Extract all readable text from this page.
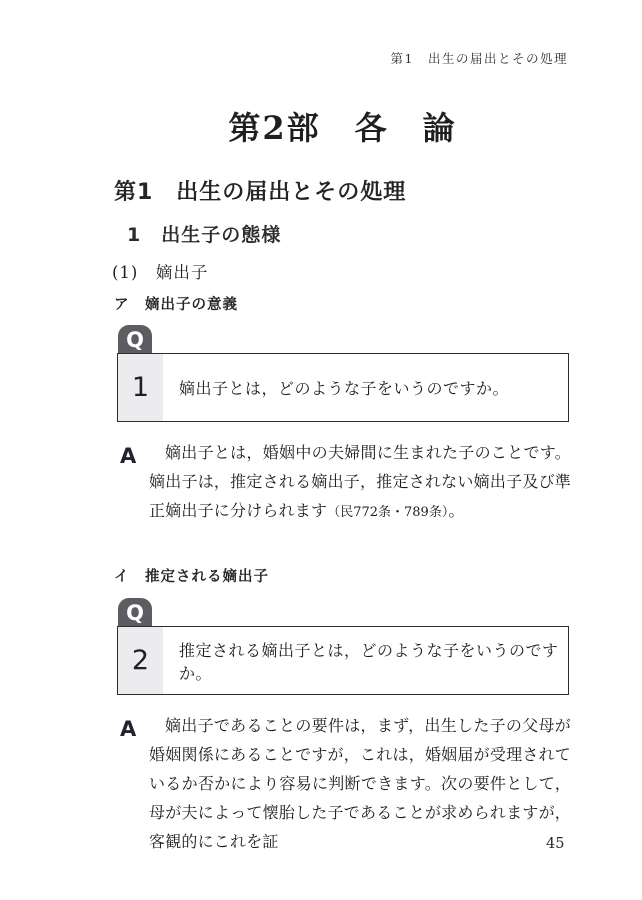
第1　出生の届出とその処理
第2部　各　論
第1　出生の届出とその処理
1　出生子の態様
(1)　嫡出子
ア　嫡出子の意義
Q
1	嫡出子とは，どのような子をいうのですか。
A	嫡出子とは，婚姻中の夫婦間に生まれた子のことです。嫡出子は，推定される嫡出子，推定されない嫡出子及び準正嫡出子に分けられます（民772条・789条）。

イ　推定される嫡出子
Q
2	推定される嫡出子とは，どのような子をいうのですか。
A	嫡出子であることの要件は，まず，出生した子の父母が婚姻関係にあることですが，これは，婚姻届が受理されているか否かにより容易に判断できます。次の要件として，母が夫によって懐胎した子であることが求められますが，客観的にこれを証	45
